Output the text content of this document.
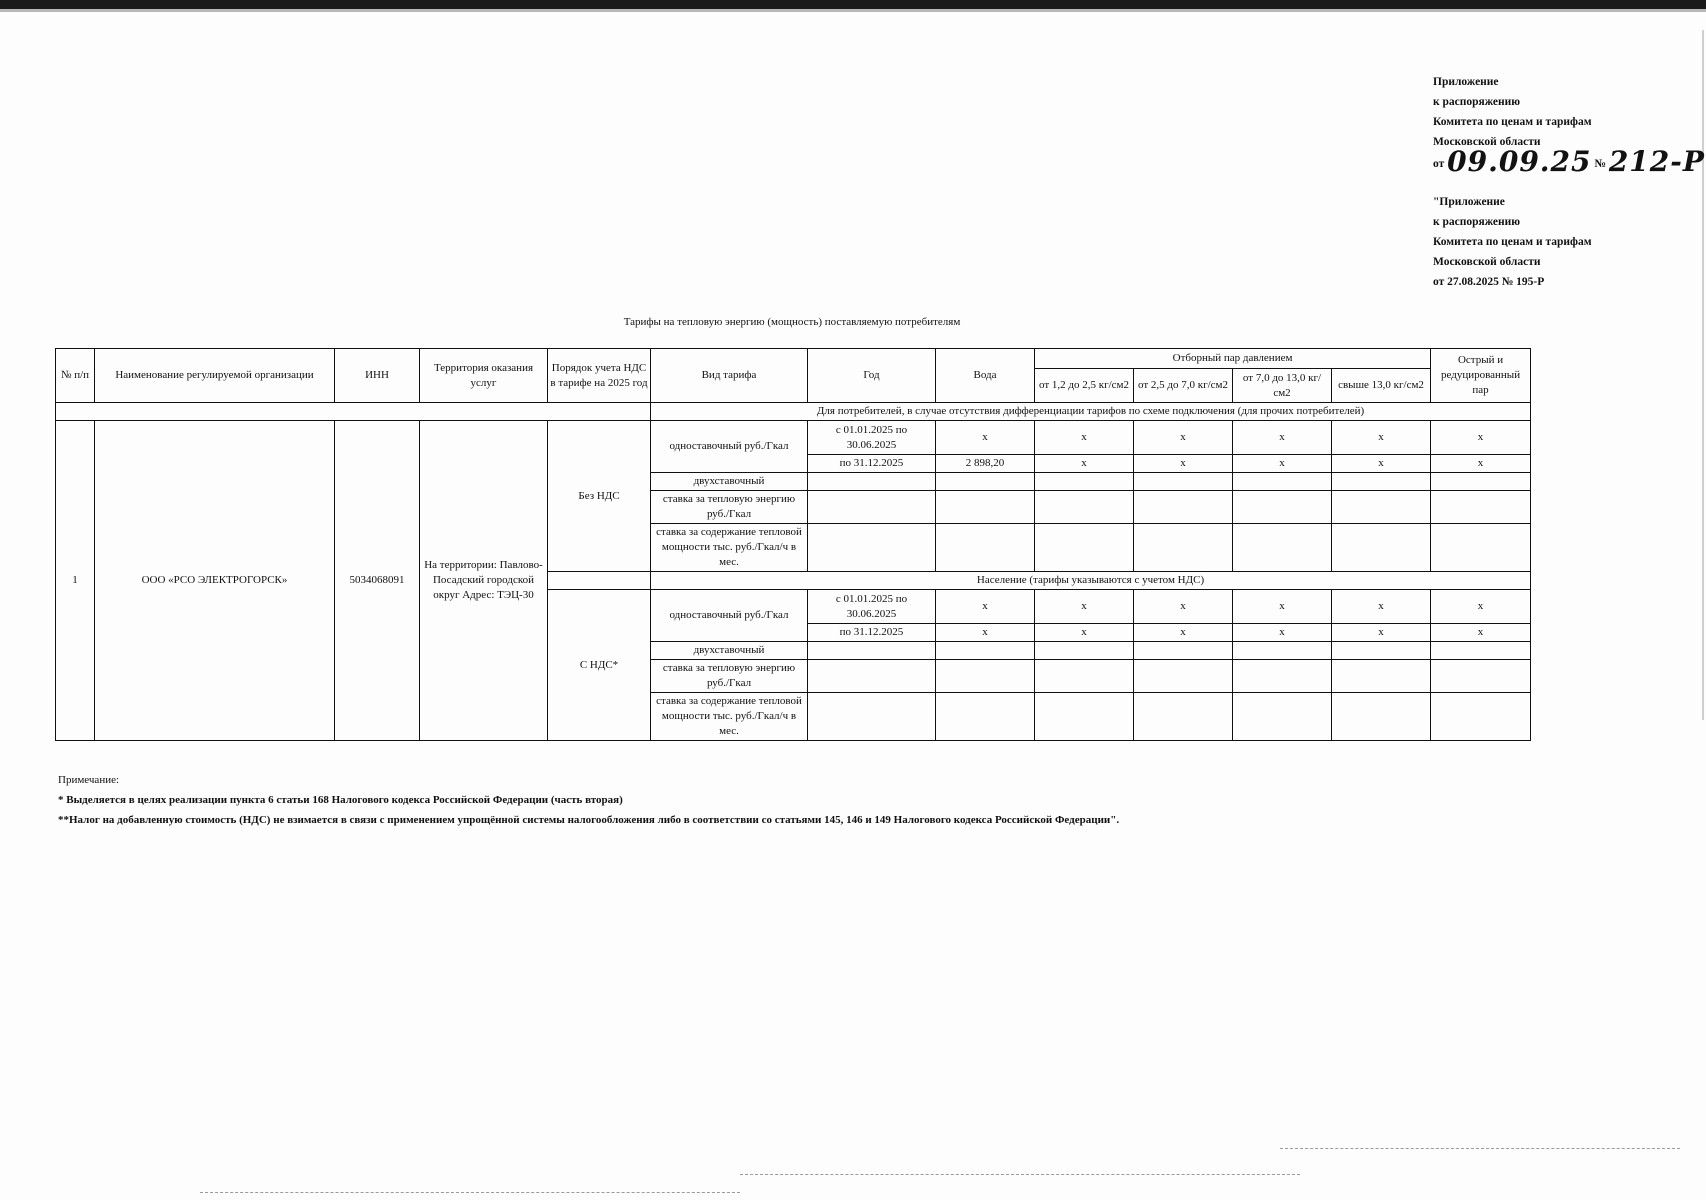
Приложение
к распоряжению
Комитета по ценам и тарифам
Московской области
от 09.09.25 № 212-Р
"Приложение
к распоряжению
Комитета по ценам и тарифам
Московской области
от 27.08.2025 № 195-Р
Тарифы на тепловую энергию (мощность) поставляемую потребителям
№ п/п	Наименование регулируемой организации	ИНН	Территория оказания услуг	Порядок учета НДС в тарифе на 2025 год	Вид тарифа	Год	Вода	Отборный пар давлением				Острый и редуцированный пар
								от 1,2 до 2,5 кг/см2	от 2,5 до 7,0 кг/см2	от 7,0 до 13,0 кг/см2	свыше 13,0 кг/см2	
					Для потребителей, в случае отсутствия дифференциации тарифов по схеме подключения (для прочих потребителей)							
1	ООО «РСО ЭЛЕКТРОГОРСК»	5034068091	На территории: Павлово-Посадский городской округ Адрес: ТЭЦ-30	Без НДС	одноставочный руб./Гкал	с 01.01.2025 по 30.06.2025	х	х	х	х	х	х
						по 31.12.2025	2 898,20	х	х	х	х	х
					двухставочный							
					ставка за тепловую энергию руб./Гкал							
					ставка за содержание тепловой мощности тыс. руб./Гкал/ч в мес.							
					Население (тарифы указываются с учетом НДС)							
				С НДС*	одноставочный руб./Гкал	с 01.01.2025 по 30.06.2025	х	х	х	х	х	х
						по 31.12.2025	х	х	х	х	х	х
					двухставочный							
					ставка за тепловую энергию руб./Гкал							
					ставка за содержание тепловой мощности тыс. руб./Гкал/ч в мес.							
Примечание:
* Выделяется в целях реализации пункта 6 статьи 168 Налогового кодекса Российской Федерации (часть вторая)
**Налог на добавленную стоимость (НДС) не взимается в связи с применением упрощённой системы налогообложения либо в соответствии со статьями 145, 146 и 149 Налогового кодекса Российской Федерации".
